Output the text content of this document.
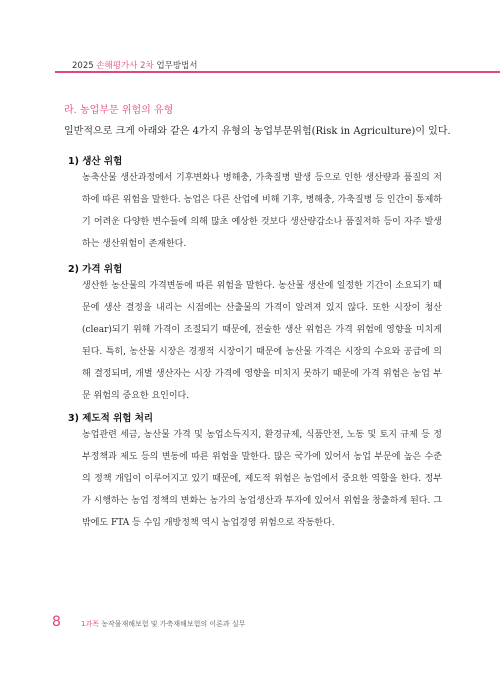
2025 손해평가사 2차 업무방법서
라. 농업부문 위험의 유형
일반적으로 크게 아래와 같은 4가지 유형의 농업부문위험(Risk in Agriculture)이 있다.
1) 생산 위험
농축산물 생산과정에서 기후변화나 병해충, 가축질병 발생 등으로 인한 생산량과 품질의 저하에 따른 위험을 말한다. 농업은 다른 산업에 비해 기후, 병해충, 가축질병 등 인간이 통제하기 어려운 다양한 변수들에 의해 많초 예상한 것보다 생산량감소나 품질저하 등이 자주 발생하는 생산위험이 존재한다.
2) 가격 위험
생산한 농산물의 가격변동에 따른 위험을 말한다. 농산물 생산에 일정한 기간이 소요되기 때문에 생산 결정을 내리는 시점에는 산출물의 가격이 알려져 있지 않다. 또한 시장이 청산(clear)되기 위해 가격이 조절되기 때문에, 전술한 생산 위험은 가격 위험에 영향을 미치게 된다. 특히, 농산물 시장은 경쟁적 시장이기 때문에 농산물 가격은 시장의 수요와 공급에 의해 결정되며, 개별 생산자는 시장 가격에 영향을 미치지 못하기 때문에 가격 위험은 농업 부문 위험의 중요한 요인이다.
3) 제도적 위험 처리
농업관련 세금, 농산물 가격 및 농업소득지지, 환경규제, 식품안전, 노동 및 토지 규제 등 정부정책과 제도 등의 변동에 따른 위험을 말한다. 많은 국가에 있어서 농업 부문에 높은 수준의 정책 개입이 이루어지고 있기 때문에, 제도적 위험은 농업에서 중요한 역할을 한다. 정부가 시행하는 농업 정책의 변화는 농가의 농업생산과 투자에 있어서 위험을 창출하게 된다. 그 밖에도 FTA 등 수입 개방정책 역시 농업경영 위험으로 작동한다.
8	1과목 농작물재해보험 및 가축재해보험의 이론과 실무
